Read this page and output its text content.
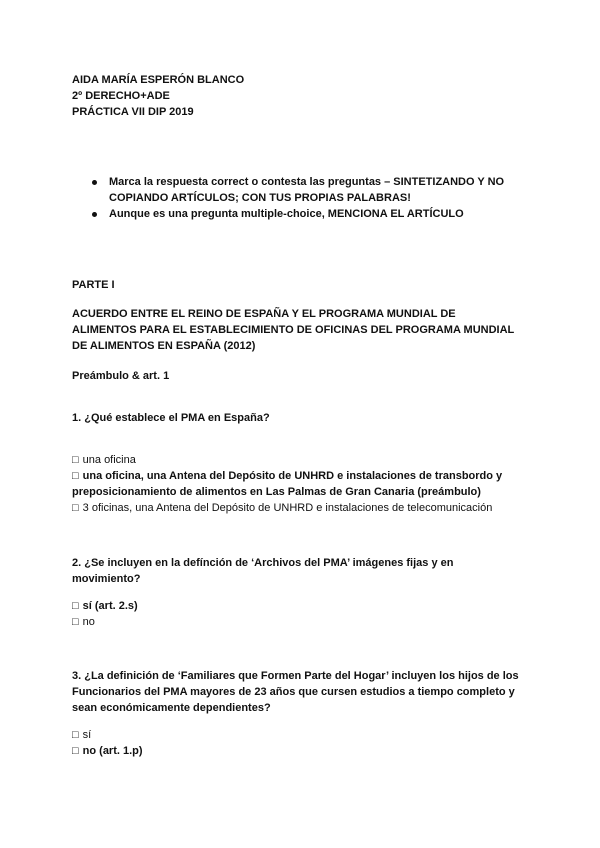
AIDA MARÍA ESPERÓN BLANCO
2º DERECHO+ADE
PRÁCTICA VII DIP 2019
Marca la respuesta correct o contesta las preguntas – SINTETIZANDO Y NO
COPIANDO ARTÍCULOS; CON TUS PROPIAS PALABRAS!
Aunque es una pregunta multiple-choice, MENCIONA EL ARTÍCULO
PARTE I
ACUERDO ENTRE EL REINO DE ESPAÑA Y EL PROGRAMA MUNDIAL DE
ALIMENTOS PARA EL ESTABLECIMIENTO DE OFICINAS DEL PROGRAMA MUNDIAL
DE ALIMENTOS EN ESPAÑA (2012)
Preámbulo & art. 1
1. ¿Qué establece el PMA en España?
□ una oficina
□ una oficina, una Antena del Depósito de UNHRD e instalaciones de transbordo y
preposicionamiento de alimentos en Las Palmas de Gran Canaria (preámbulo)
□ 3 oficinas, una Antena del Depósito de UNHRD e instalaciones de telecomunicación
2. ¿Se incluyen en la defínción de ‘Archivos del PMA’ imágenes fijas y en
movimiento?
□ sí (art. 2.s)
□ no
3. ¿La definición de ‘Familiares que Formen Parte del Hogar’ incluyen los hijos de los
Funcionarios del PMA mayores de 23 años que cursen estudios a tiempo completo y
sean económicamente dependientes?
□ sí
□ no (art. 1.p)
